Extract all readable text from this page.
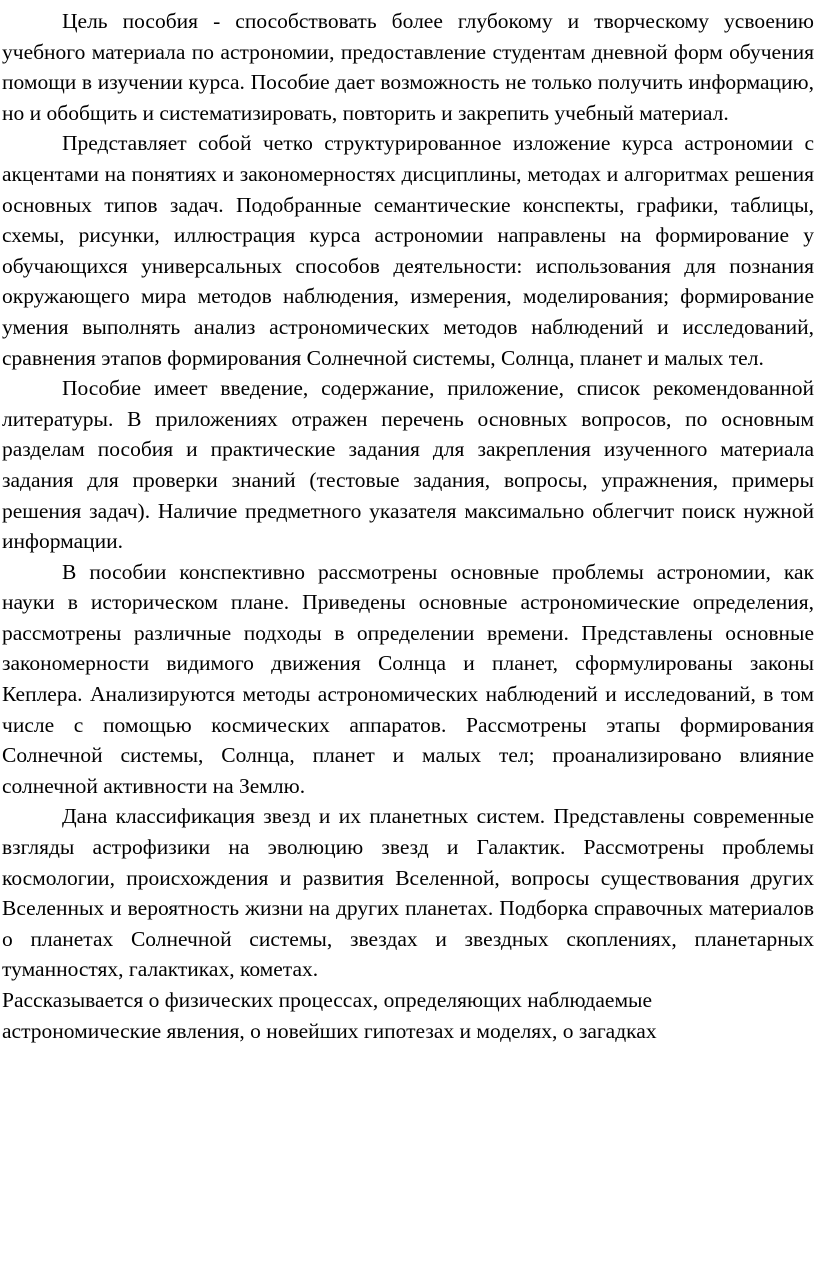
Цель пособия - способствовать более глубокому и творческому усвоению учебного материала по астрономии, предоставление студентам дневной форм обучения помощи в изучении курса. Пособие дает возможность не только получить информацию, но и обобщить и систематизировать, повторить и закрепить учебный материал.

Представляет собой четко структурированное изложение курса астрономии с акцентами на понятиях и закономерностях дисциплины, методах и алгоритмах решения основных типов задач. Подобранные семантические конспекты, графики, таблицы, схемы, рисунки, иллюстрация курса астрономии направлены на формирование у обучающихся универсальных способов деятельности: использования для познания окружающего мира методов наблюдения, измерения, моделирования; формирование умения выполнять анализ астрономических методов наблюдений и исследований, сравнения этапов формирования Солнечной системы, Солнца, планет и малых тел.

Пособие имеет введение, содержание, приложение, список рекомендованной литературы. В приложениях отражен перечень основных вопросов, по основным разделам пособия и практические задания для закрепления изученного материала задания для проверки знаний (тестовые задания, вопросы, упражнения, примеры решения задач). Наличие предметного указателя максимально облегчит поиск нужной информации.

В пособии конспективно рассмотрены основные проблемы астрономии, как науки в историческом плане. Приведены основные астрономические определения, рассмотрены различные подходы в определении времени. Представлены основные закономерности видимого движения Солнца и планет, сформулированы законы Кеплера. Анализируются методы астрономических наблюдений и исследований, в том числе с помощью космических аппаратов. Рассмотрены этапы формирования Солнечной системы, Солнца, планет и малых тел; проанализировано влияние солнечной активности на Землю.

Дана классификация звезд и их планетных систем. Представлены современные взгляды астрофизики на эволюцию звезд и Галактик. Рассмотрены проблемы космологии, происхождения и развития Вселенной, вопросы существования других Вселенных и вероятность жизни на других планетах. Подборка справочных материалов о планетах Солнечной системы, звездах и звездных скоплениях, планетарных туманностях, галактиках, кометах.

Рассказывается о физических процессах, определяющих наблюдаемые

астрономические явления, о новейших гипотезах и моделях, о загадках
